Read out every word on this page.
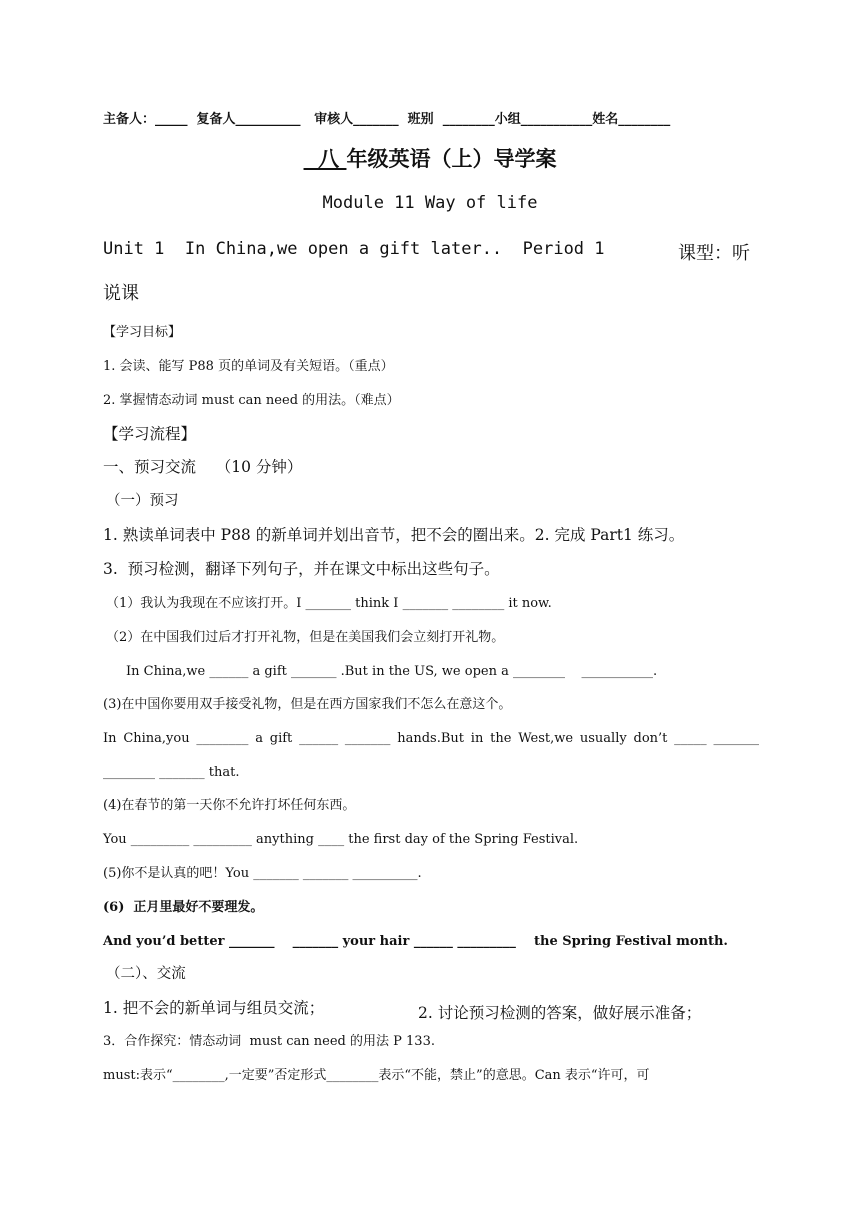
主备人：_____  复备人__________   审核人_______  班别  ________小组___________姓名________
八 年级英语（上）导学案
Module 11 Way of life
Unit 1  In China,we open a gift later..  Period 1	课型：听
说课
【学习目标】
1. 会读、能写 P88 页的单词及有关短语。（重点）
2. 掌握情态动词 must can need 的用法。（难点）
【学习流程】
一、预习交流    （10 分钟）
（一）预习
1. 熟读单词表中 P88 的新单词并划出音节，把不会的圈出来。2. 完成 Part1 练习。
3.  预习检测，翻译下列句子，并在课文中标出这些句子。
（1）我认为我现在不应该打开。I _______ think I _______ ________ it now.
（2）在中国我们过后才打开礼物，但是在美国我们会立刻打开礼物。
In China,we ______ a gift _______ .But in the US, we open a ________    ___________.
(3)在中国你要用双手接受礼物，但是在西方国家我们不怎么在意这个。
In China,you ________ a gift ______ _______ hands.But in the West,we usually don’t _____ _______
________ _______ that.
(4)在春节的第一天你不允许打坏任何东西。
You _________ _________ anything ____ the first day of the Spring Festival.
(5)你不是认真的吧！You _______ _______ __________.
(6)  正月里最好不要理发。
And you’d better _______    _______ your hair ______ _________    the Spring Festival month.
（二）、交流
1. 把不会的新单词与组员交流；	2. 讨论预习检测的答案，做好展示准备；
3．合作探究：情态动词  must can need 的用法 P 133.
must:表示“________,一定要”否定形式________表示“不能，禁止”的意思。Can 表示“许可，可
